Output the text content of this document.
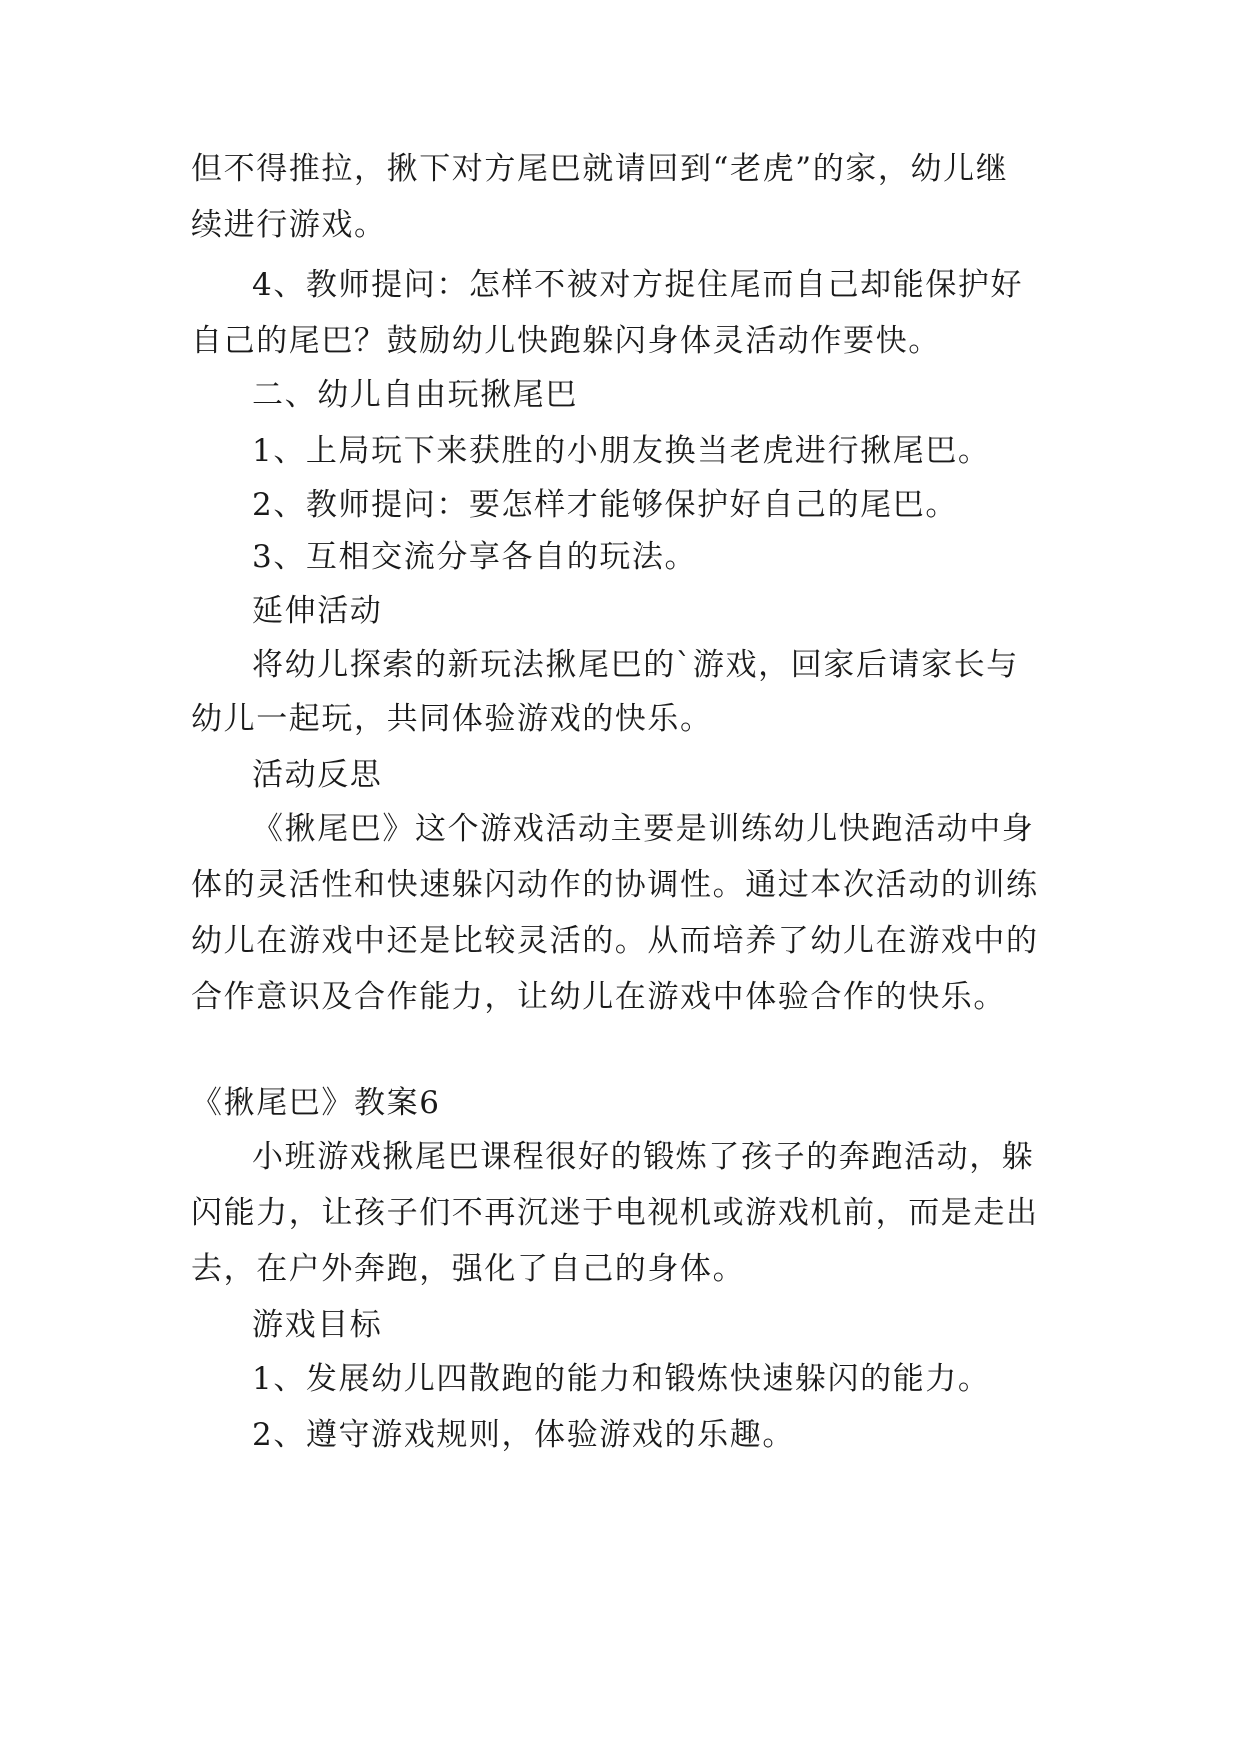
但不得推拉，揪下对方尾巴就请回到“老虎”的家，幼儿继
续进行游戏。
4、教师提问：怎样不被对方捉住尾而自己却能保护好
自己的尾巴？鼓励幼儿快跑躲闪身体灵活动作要快。
二、幼儿自由玩揪尾巴
1、上局玩下来获胜的小朋友换当老虎进行揪尾巴。
2、教师提问：要怎样才能够保护好自己的尾巴。
3、互相交流分享各自的玩法。
延伸活动
将幼儿探索的新玩法揪尾巴的`游戏，回家后请家长与
幼儿一起玩，共同体验游戏的快乐。
活动反思
《揪尾巴》这个游戏活动主要是训练幼儿快跑活动中身
体的灵活性和快速躲闪动作的协调性。通过本次活动的训练
幼儿在游戏中还是比较灵活的。从而培养了幼儿在游戏中的
合作意识及合作能力，让幼儿在游戏中体验合作的快乐。
《揪尾巴》教案6
小班游戏揪尾巴课程很好的锻炼了孩子的奔跑活动，躲
闪能力，让孩子们不再沉迷于电视机或游戏机前，而是走出
去，在户外奔跑，强化了自己的身体。
游戏目标
1、发展幼儿四散跑的能力和锻炼快速躲闪的能力。
2、遵守游戏规则，体验游戏的乐趣。
